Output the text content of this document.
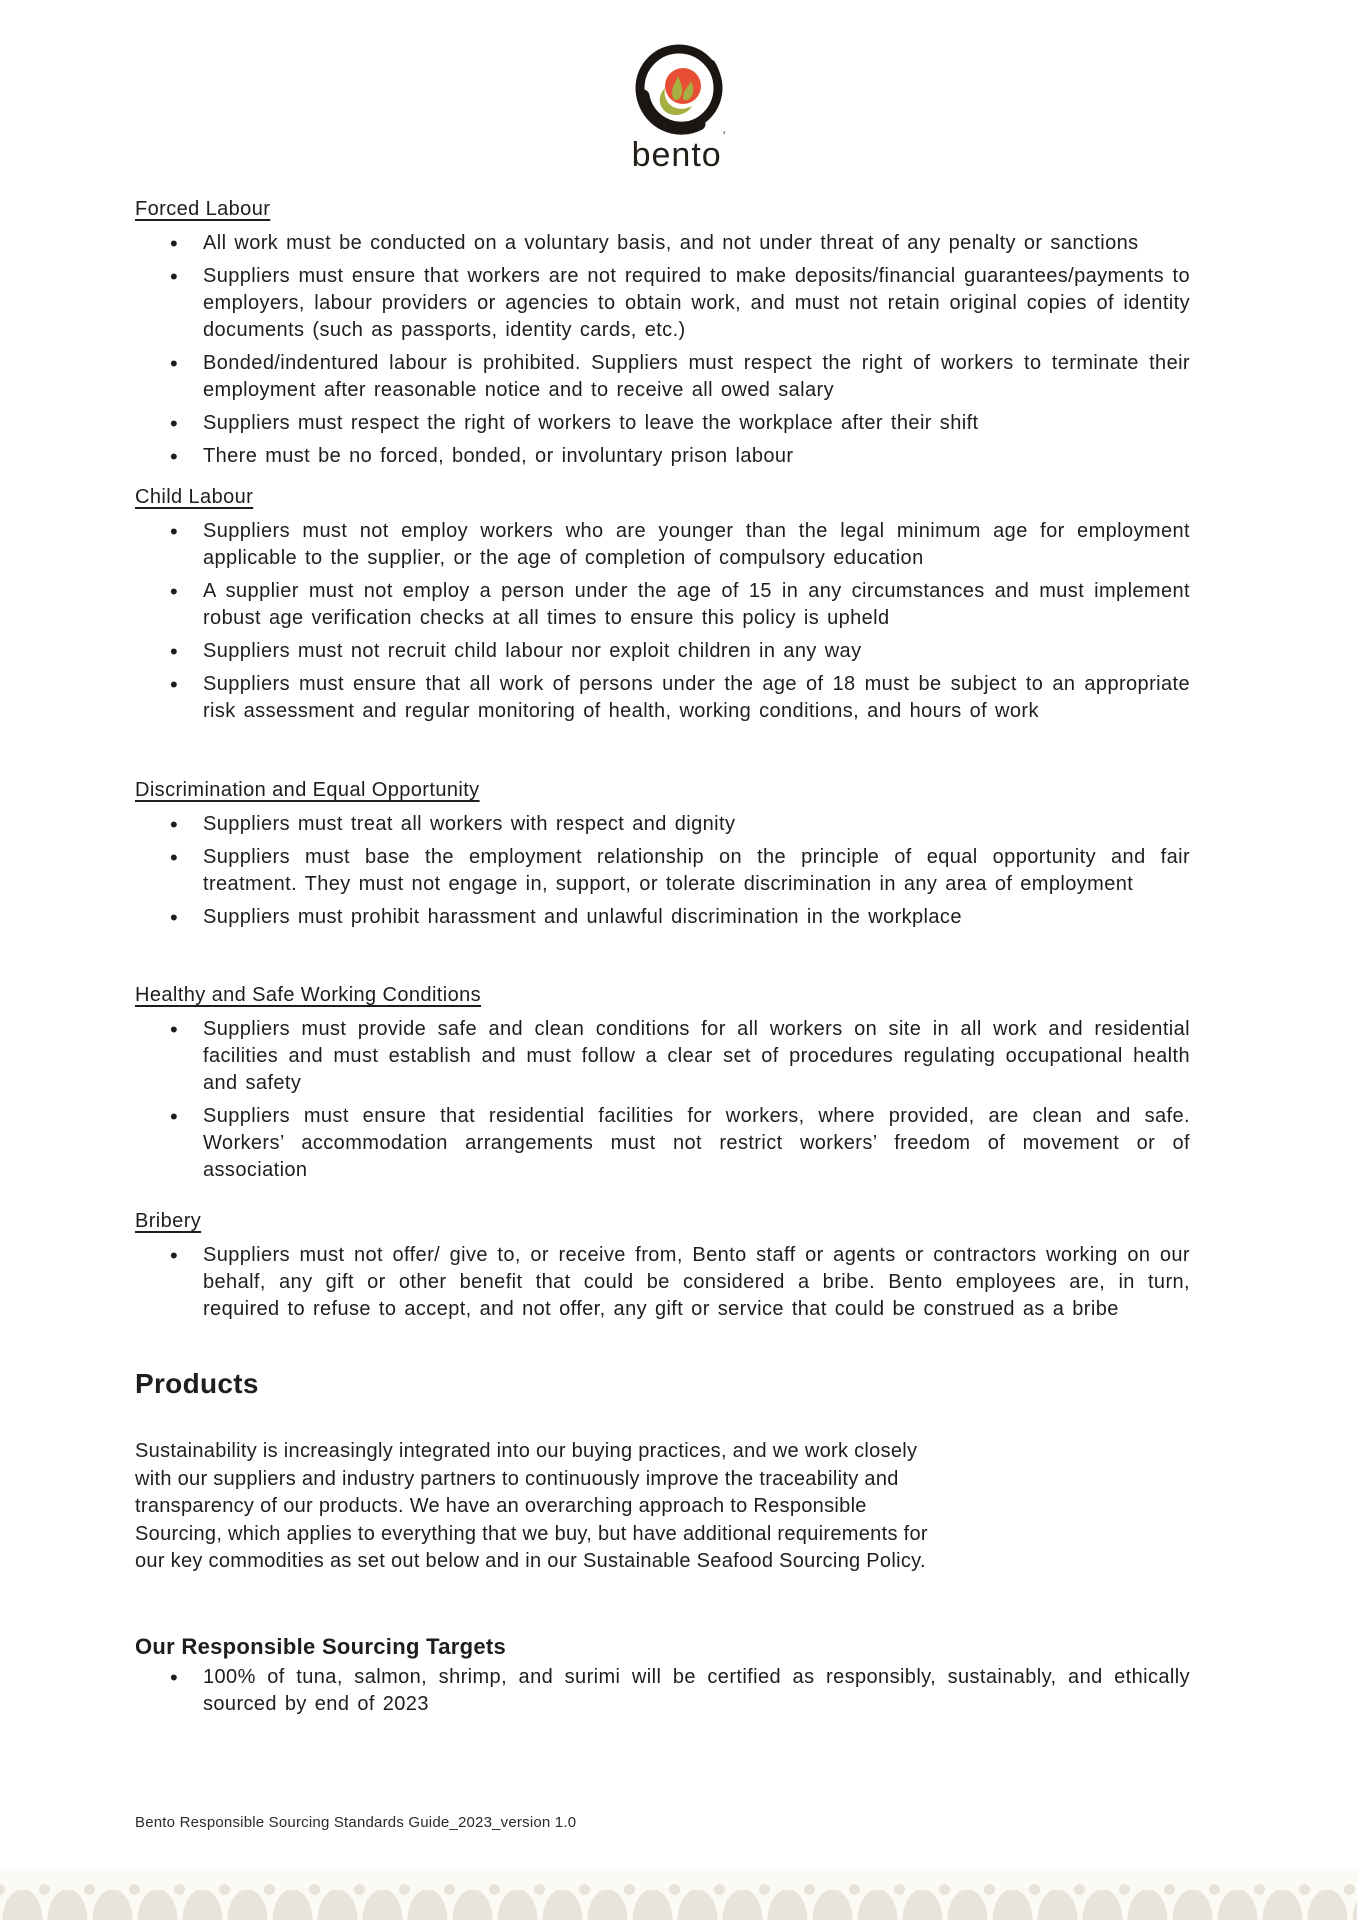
bento’
Forced Labour
• All work must be conducted on a voluntary basis, and not under threat of any penalty or sanctions
• Suppliers must ensure that workers are not required to make deposits/financial guarantees/payments to employers, labour providers or agencies to obtain work, and must not retain original copies of identity documents (such as passports, identity cards, etc.)
• Bonded/indentured labour is prohibited. Suppliers must respect the right of workers to terminate their employment after reasonable notice and to receive all owed salary
• Suppliers must respect the right of workers to leave the workplace after their shift
• There must be no forced, bonded, or involuntary prison labour
Child Labour
• Suppliers must not employ workers who are younger than the legal minimum age for employment applicable to the supplier, or the age of completion of compulsory education
• A supplier must not employ a person under the age of 15 in any circumstances and must implement robust age verification checks at all times to ensure this policy is upheld
• Suppliers must not recruit child labour nor exploit children in any way
• Suppliers must ensure that all work of persons under the age of 18 must be subject to an appropriate risk assessment and regular monitoring of health, working conditions, and hours of work
Discrimination and Equal Opportunity
• Suppliers must treat all workers with respect and dignity
• Suppliers must base the employment relationship on the principle of equal opportunity and fair treatment. They must not engage in, support, or tolerate discrimination in any area of employment
• Suppliers must prohibit harassment and unlawful discrimination in the workplace
Healthy and Safe Working Conditions
• Suppliers must provide safe and clean conditions for all workers on site in all work and residential facilities and must establish and must follow a clear set of procedures regulating occupational health and safety
• Suppliers must ensure that residential facilities for workers, where provided, are clean and safe. Workers’ accommodation arrangements must not restrict workers’ freedom of movement or of association
Bribery
• Suppliers must not offer/ give to, or receive from, Bento staff or agents or contractors working on our behalf, any gift or other benefit that could be considered a bribe. Bento employees are, in turn, required to refuse to accept, and not offer, any gift or service that could be construed as a bribe
Products

Sustainability is increasingly integrated into our buying practices, and we work closely with our suppliers and industry partners to continuously improve the traceability and transparency of our products. We have an overarching approach to Responsible Sourcing, which applies to everything that we buy, but have additional requirements for our key commodities as set out below and in our Sustainable Seafood Sourcing Policy.

Our Responsible Sourcing Targets
• 100% of tuna, salmon, shrimp, and surimi will be certified as responsibly, sustainably, and ethically sourced by end of 2023
Bento Responsible Sourcing Standards Guide_2023_version 1.0
